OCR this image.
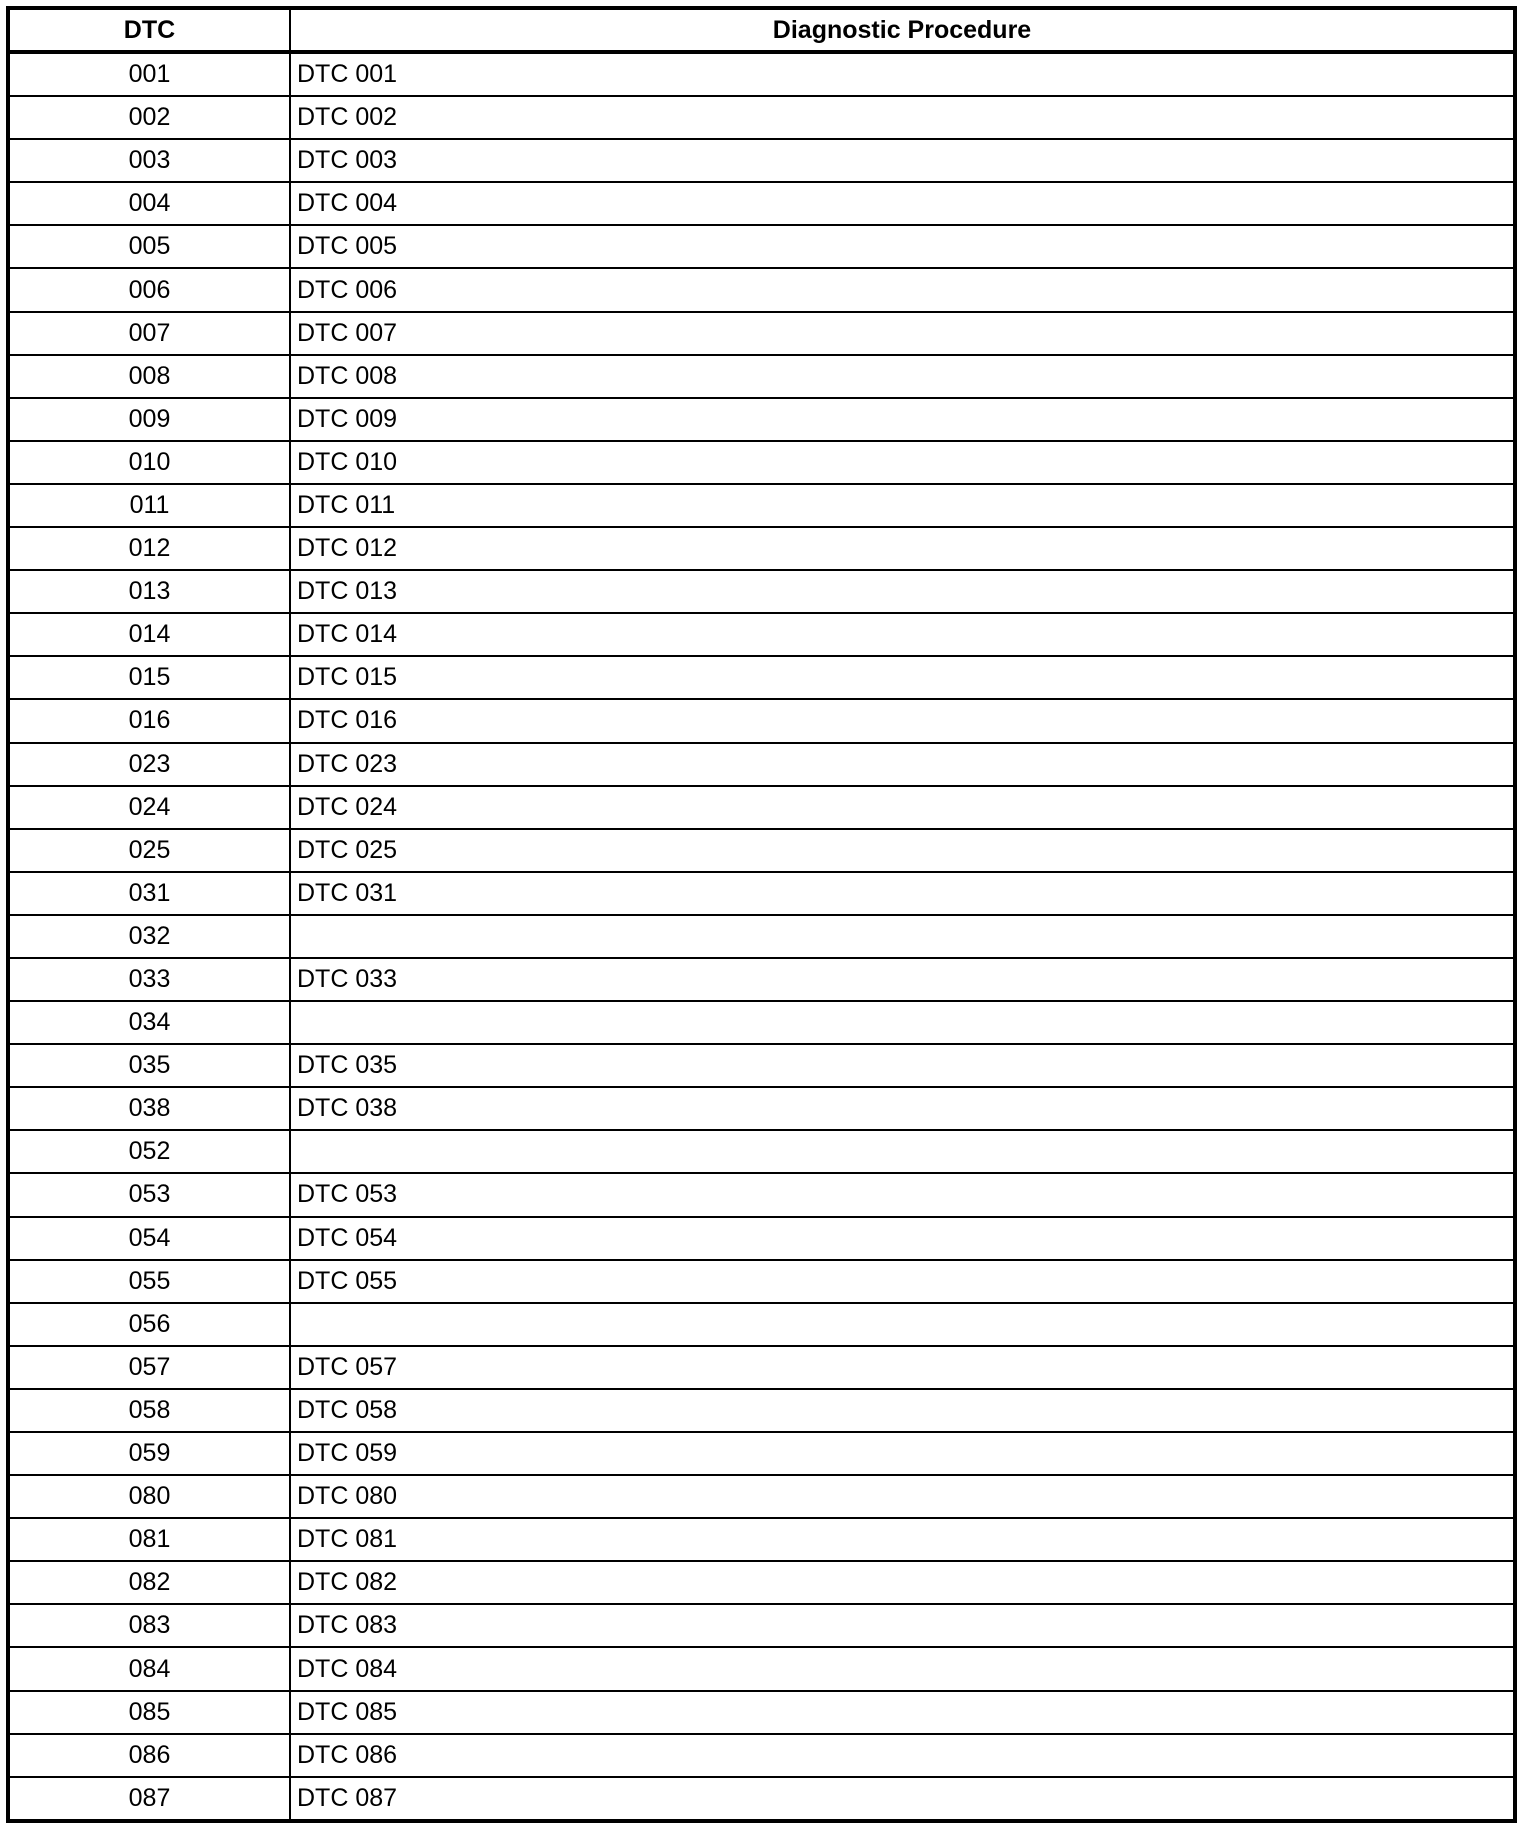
DTC	Diagnostic Procedure
001	DTC 001
002	DTC 002
003	DTC 003
004	DTC 004
005	DTC 005
006	DTC 006
007	DTC 007
008	DTC 008
009	DTC 009
010	DTC 010
011	DTC 011
012	DTC 012
013	DTC 013
014	DTC 014
015	DTC 015
016	DTC 016
023	DTC 023
024	DTC 024
025	DTC 025
031	DTC 031
032	
033	DTC 033
034	
035	DTC 035
038	DTC 038
052	
053	DTC 053
054	DTC 054
055	DTC 055
056	
057	DTC 057
058	DTC 058
059	DTC 059
080	DTC 080
081	DTC 081
082	DTC 082
083	DTC 083
084	DTC 084
085	DTC 085
086	DTC 086
087	DTC 087
